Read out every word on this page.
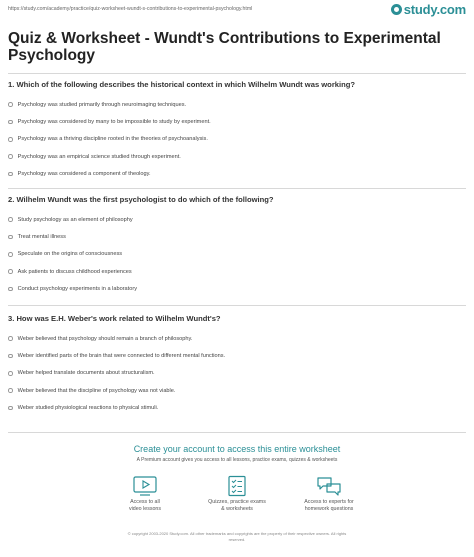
https://study.com/academy/practice/quiz-worksheet-wundt-s-contributions-to-experimental-psychology.html	study.com
Quiz & Worksheet - Wundt's Contributions to Experimental Psychology
1. Which of the following describes the historical context in which Wilhelm Wundt was working?
Psychology was studied primarily through neuroimaging techniques.
Psychology was considered by many to be impossible to study by experiment.
Psychology was a thriving discipline rooted in the theories of psychoanalysis.
Psychology was an empirical science studied through experiment.
Psychology was considered a component of theology.
2. Wilhelm Wundt was the first psychologist to do which of the following?
Study psychology as an element of philosophy
Treat mental illness
Speculate on the origins of consciousness
Ask patients to discuss childhood experiences
Conduct psychology experiments in a laboratory
3. How was E.H. Weber's work related to Wilhelm Wundt's?
Weber believed that psychology should remain a branch of philosophy.
Weber identified parts of the brain that were connected to different mental functions.
Weber helped translate documents about structuralism.
Weber believed that the discipline of psychology was not viable.
Weber studied physiological reactions to physical stimuli.
Create your account to access this entire worksheet
A Premium account gives you access to all lessons, practice exams, quizzes & worksheets
Access to all
video lessons
Quizzes, practice exams
& worksheets
Access to experts for
homework questions
© copyright 2003-2020 Study.com. All other trademarks and copyrights are the property of their respective owners. All rights
reserved.
